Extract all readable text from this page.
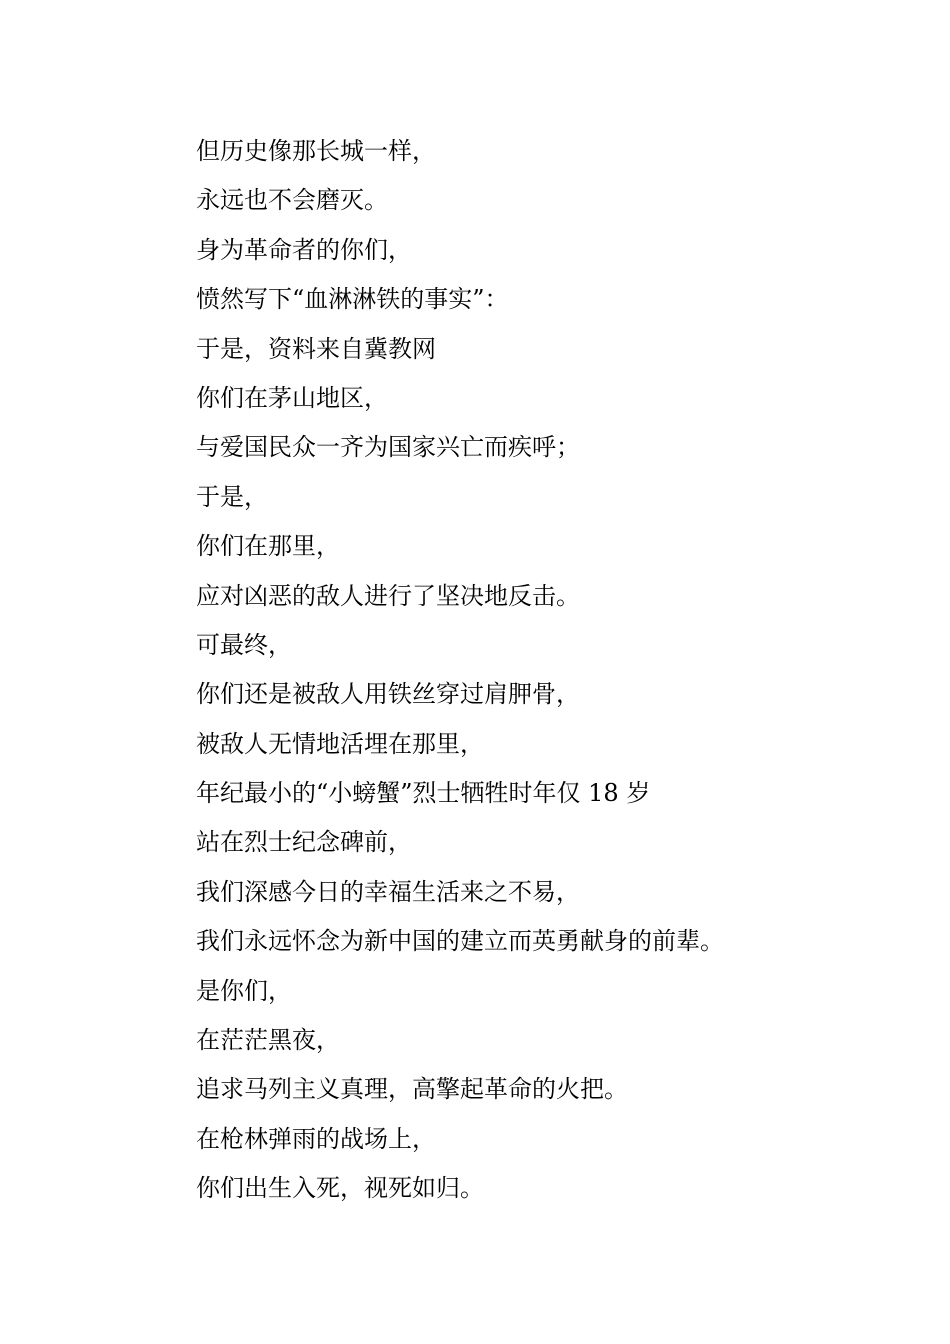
但历史像那长城一样，
永远也不会磨灭。
身为革命者的你们，
愤然写下“血淋淋铁的事实”：
于是，资料来自冀教网
你们在茅山地区，
与爱国民众一齐为国家兴亡而疾呼；
于是，
你们在那里，
应对凶恶的敌人进行了坚决地反击。
可最终，
你们还是被敌人用铁丝穿过肩胛骨，
被敌人无情地活埋在那里，
年纪最小的“小螃蟹”烈士牺牲时年仅 18 岁
站在烈士纪念碑前，
我们深感今日的幸福生活来之不易，
我们永远怀念为新中国的建立而英勇献身的前辈。
是你们，
在茫茫黑夜，
追求马列主义真理，高擎起革命的火把。
在枪林弹雨的战场上，
你们出生入死，视死如归。
